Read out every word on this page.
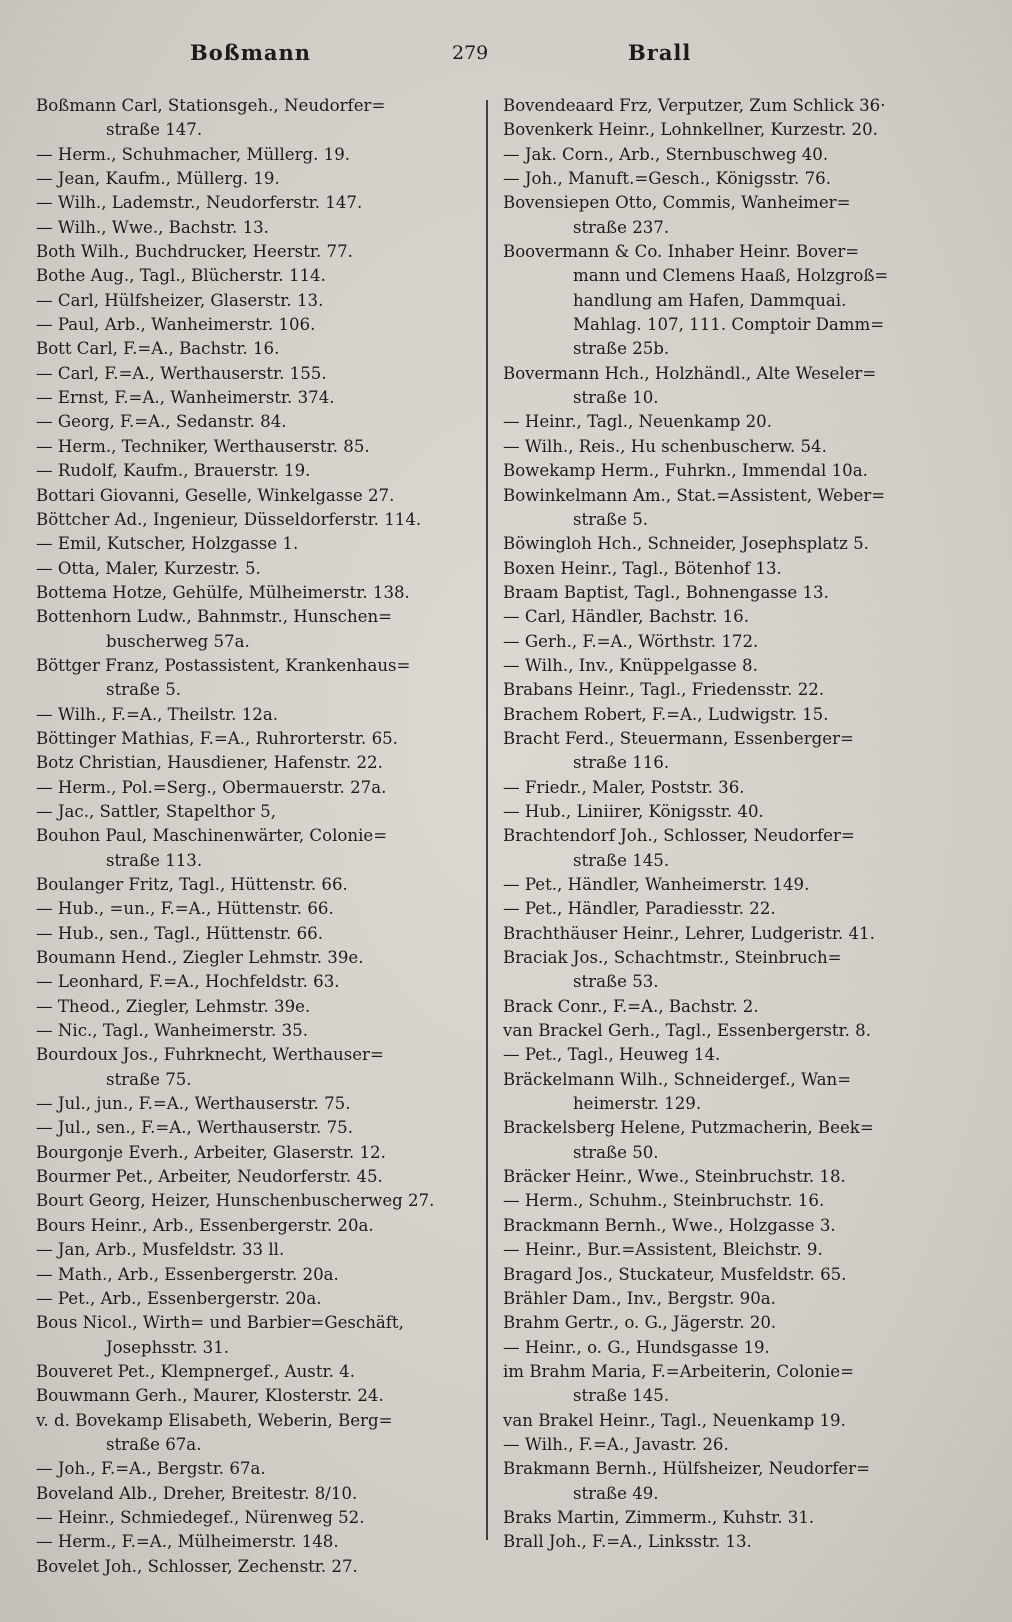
Boßmann	279	Brall
Boßmann Carl, Stationsgeh., Neudorfer=
straße 147.
— Herm., Schuhmacher, Müllerg. 19.
— Jean, Kaufm., Müllerg. 19.
— Wilh., Lademstr., Neudorferstr. 147.
— Wilh., Wwe., Bachstr. 13.
Both Wilh., Buchdrucker, Heerstr. 77.
Bothe Aug., Tagl., Blücherstr. 114.
— Carl, Hülfsheizer, Glaserstr. 13.
— Paul, Arb., Wanheimerstr. 106.
Bott Carl, F.=A., Bachstr. 16.
— Carl, F.=A., Werthauserstr. 155.
— Ernst, F.=A., Wanheimerstr. 374.
— Georg, F.=A., Sedanstr. 84.
— Herm., Techniker, Werthauserstr. 85.
— Rudolf, Kaufm., Brauerstr. 19.
Bottari Giovanni, Geselle, Winkelgasse 27.
Böttcher Ad., Ingenieur, Düsseldorferstr. 114.
— Emil, Kutscher, Holzgasse 1.
— Otta, Maler, Kurzestr. 5.
Bottema Hotze, Gehülfe, Mülheimerstr. 138.
Bottenhorn Ludw., Bahnmstr., Hunschen=
buscherweg 57a.
Böttger Franz, Postassistent, Krankenhaus=
straße 5.
— Wilh., F.=A., Theilstr. 12a.
Böttinger Mathias, F.=A., Ruhrorterstr. 65.
Botz Christian, Hausdiener, Hafenstr. 22.
— Herm., Pol.=Serg., Obermauerstr. 27a.
— Jac., Sattler, Stapelthor 5,
Bouhon Paul, Maschinenwärter, Colonie=
straße 113.
Boulanger Fritz, Tagl., Hüttenstr. 66.
— Hub., =un., F.=A., Hüttenstr. 66.
— Hub., sen., Tagl., Hüttenstr. 66.
Boumann Hend., Ziegler Lehmstr. 39e.
— Leonhard, F.=A., Hochfeldstr. 63.
— Theod., Ziegler, Lehmstr. 39e.
— Nic., Tagl., Wanheimerstr. 35.
Bourdoux Jos., Fuhrknecht, Werthauser=
straße 75.
— Jul., jun., F.=A., Werthauserstr. 75.
— Jul., sen., F.=A., Werthauserstr. 75.
Bourgonje Everh., Arbeiter, Glaserstr. 12.
Bourmer Pet., Arbeiter, Neudorferstr. 45.
Bourt Georg, Heizer, Hunschenbuscherweg 27.
Bours Heinr., Arb., Essenbergerstr. 20a.
— Jan, Arb., Musfeldstr. 33 ll.
— Math., Arb., Essenbergerstr. 20a.
— Pet., Arb., Essenbergerstr. 20a.
Bous Nicol., Wirth= und Barbier=Geschäft,
Josephsstr. 31.
Bouveret Pet., Klempnergef., Austr. 4.
Bouwmann Gerh., Maurer, Klosterstr. 24.
v. d. Bovekamp Elisabeth, Weberin, Berg=
straße 67a.
— Joh., F.=A., Bergstr. 67a.
Boveland Alb., Dreher, Breitestr. 8/10.
— Heinr., Schmiedegef., Nürenweg 52.
— Herm., F.=A., Mülheimerstr. 148.
Bovelet Joh., Schlosser, Zechenstr. 27.
Bovendeaard Frz, Verputzer, Zum Schlick 36·
Bovenkerk Heinr., Lohnkellner, Kurzestr. 20.
— Jak. Corn., Arb., Sternbuschweg 40.
— Joh., Manuft.=Gesch., Königsstr. 76.
Bovensiepen Otto, Commis, Wanheimer=
straße 237.
Boovermann & Co. Inhaber Heinr. Bover=
mann und Clemens Haaß, Holzgroß=
handlung am Hafen, Dammquai.
Mahlag. 107, 111. Comptoir Damm=
straße 25b.
Bovermann Hch., Holzhändl., Alte Weseler=
straße 10.
— Heinr., Tagl., Neuenkamp 20.
— Wilh., Reis., Hu schenbuscherw. 54.
Bowekamp Herm., Fuhrkn., Immendal 10a.
Bowinkelmann Am., Stat.=Assistent, Weber=
straße 5.
Böwingloh Hch., Schneider, Josephsplatz 5.
Boxen Heinr., Tagl., Bötenhof 13.
Braam Baptist, Tagl., Bohnengasse 13.
— Carl, Händler, Bachstr. 16.
— Gerh., F.=A., Wörthstr. 172.
— Wilh., Inv., Knüppelgasse 8.
Brabans Heinr., Tagl., Friedensstr. 22.
Brachem Robert, F.=A., Ludwigstr. 15.
Bracht Ferd., Steuermann, Essenberger=
straße 116.
— Friedr., Maler, Poststr. 36.
— Hub., Liniirer, Königsstr. 40.
Brachtendorf Joh., Schlosser, Neudorfer=
straße 145.
— Pet., Händler, Wanheimerstr. 149.
— Pet., Händler, Paradiesstr. 22.
Brachthäuser Heinr., Lehrer, Ludgeristr. 41.
Braciak Jos., Schachtmstr., Steinbruch=
straße 53.
Brack Conr., F.=A., Bachstr. 2.
van Brackel Gerh., Tagl., Essenbergerstr. 8.
— Pet., Tagl., Heuweg 14.
Bräckelmann Wilh., Schneidergef., Wan=
heimerstr. 129.
Brackelsberg Helene, Putzmacherin, Beek=
straße 50.
Bräcker Heinr., Wwe., Steinbruchstr. 18.
— Herm., Schuhm., Steinbruchstr. 16.
Brackmann Bernh., Wwe., Holzgasse 3.
— Heinr., Bur.=Assistent, Bleichstr. 9.
Bragard Jos., Stuckateur, Musfeldstr. 65.
Brähler Dam., Inv., Bergstr. 90a.
Brahm Gertr., o. G., Jägerstr. 20.
— Heinr., o. G., Hundsgasse 19.
im Brahm Maria, F.=Arbeiterin, Colonie=
straße 145.
van Brakel Heinr., Tagl., Neuenkamp 19.
— Wilh., F.=A., Javastr. 26.
Brakmann Bernh., Hülfsheizer, Neudorfer=
straße 49.
Braks Martin, Zimmerm., Kuhstr. 31.
Brall Joh., F.=A., Linksstr. 13.
